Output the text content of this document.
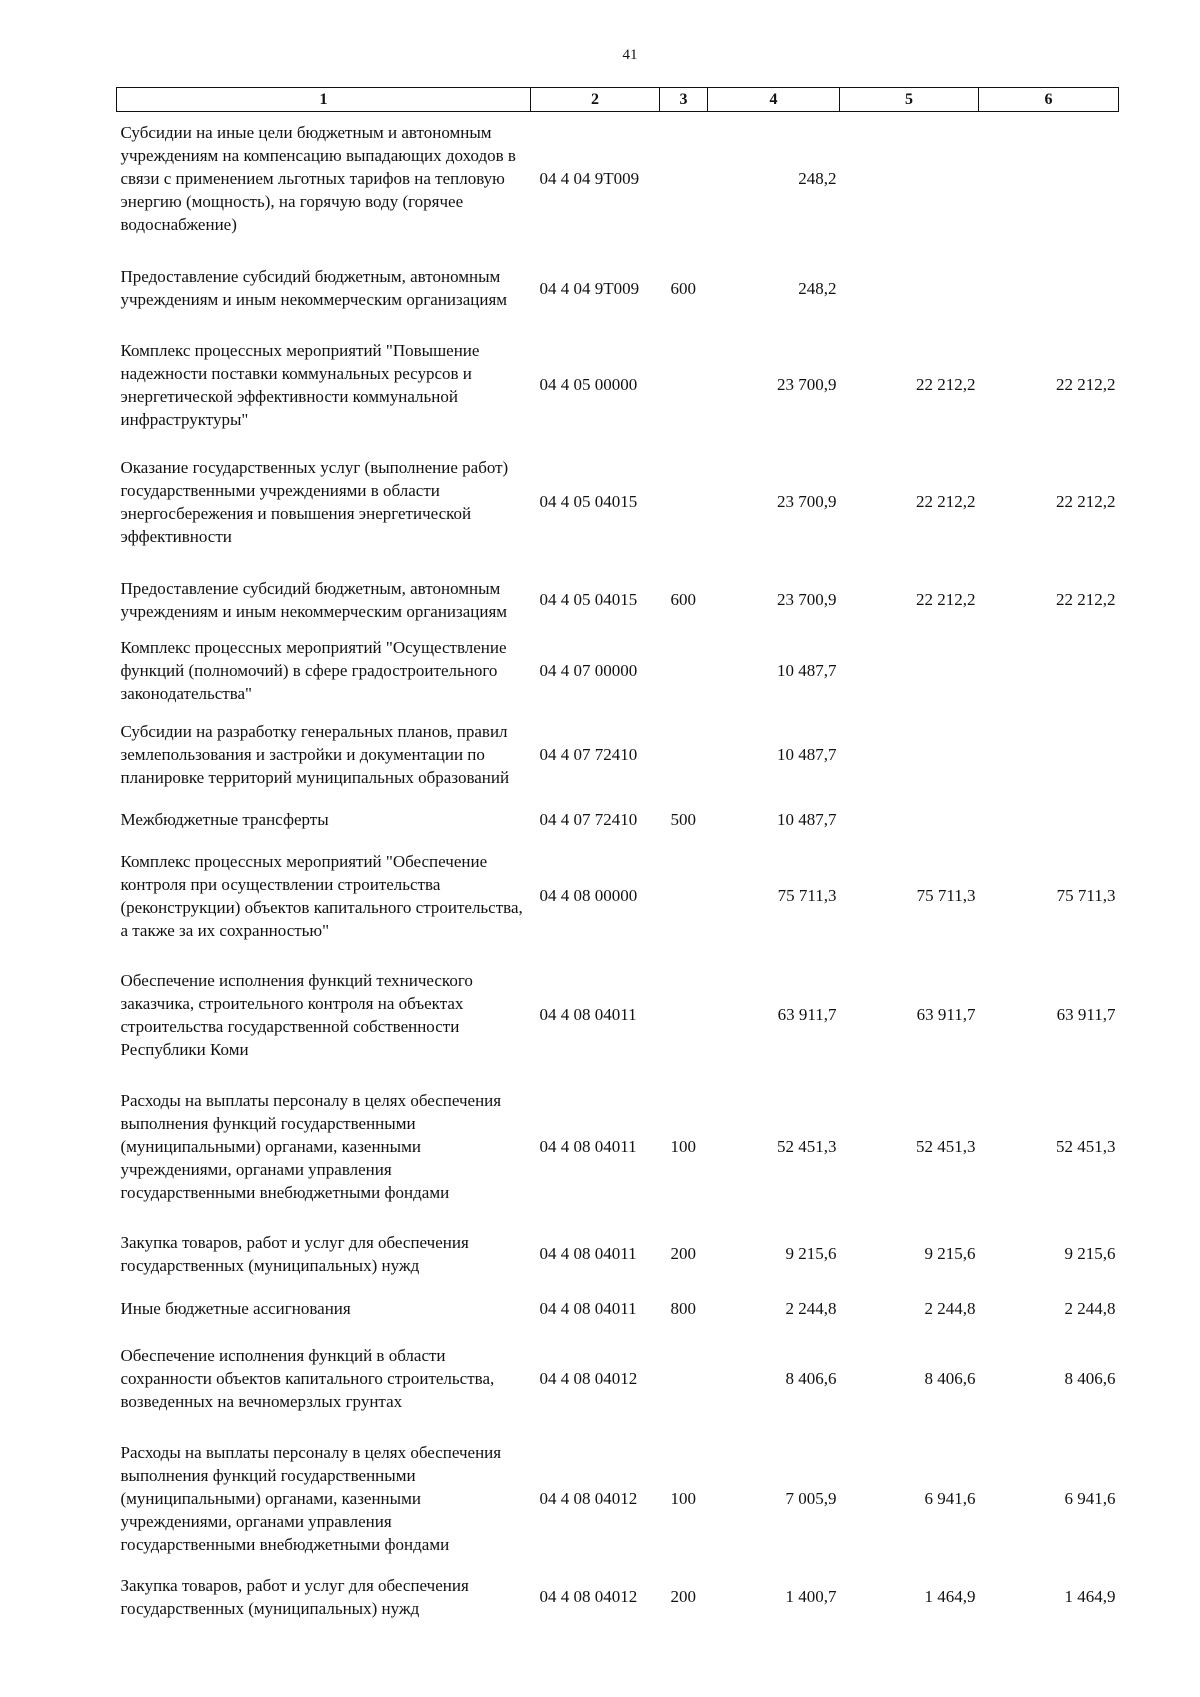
41
1	2	3	4	5	6
Субсидии на иные цели бюджетным и автономным учреждениям на компенсацию выпадающих доходов в связи с применением льготных тарифов на тепловую энергию (мощность), на горячую воду (горячее водоснабжение)	04 4 04 9Т009		248,2		
Предоставление субсидий бюджетным, автономным учреждениям и иным некоммерческим организациям	04 4 04 9Т009	600	248,2		
Комплекс процессных мероприятий "Повышение надежности поставки коммунальных ресурсов и энергетической эффективности коммунальной инфраструктуры"	04 4 05 00000		23 700,9	22 212,2	22 212,2
Оказание государственных услуг (выполнение работ) государственными учреждениями в области энергосбережения и повышения энергетической эффективности	04 4 05 04015		23 700,9	22 212,2	22 212,2
Предоставление субсидий бюджетным, автономным учреждениям и иным некоммерческим организациям	04 4 05 04015	600	23 700,9	22 212,2	22 212,2
Комплекс процессных мероприятий "Осуществление функций (полномочий) в сфере градостроительного законодательства"	04 4 07 00000		10 487,7		
Субсидии на разработку генеральных планов, правил землепользования и застройки и документации по планировке территорий муниципальных образований	04 4 07 72410		10 487,7		
Межбюджетные трансферты	04 4 07 72410	500	10 487,7		
Комплекс процессных мероприятий "Обеспечение контроля при осуществлении строительства (реконструкции) объектов капитального строительства, а также за их сохранностью"	04 4 08 00000		75 711,3	75 711,3	75 711,3
Обеспечение исполнения функций технического заказчика, строительного контроля на объектах строительства государственной собственности Республики Коми	04 4 08 04011		63 911,7	63 911,7	63 911,7
Расходы на выплаты персоналу в целях обеспечения выполнения функций государственными (муниципальными) органами, казенными учреждениями, органами управления государственными внебюджетными фондами	04 4 08 04011	100	52 451,3	52 451,3	52 451,3
Закупка товаров, работ и услуг для обеспечения государственных (муниципальных) нужд	04 4 08 04011	200	9 215,6	9 215,6	9 215,6
Иные бюджетные ассигнования	04 4 08 04011	800	2 244,8	2 244,8	2 244,8
Обеспечение исполнения функций в области сохранности объектов капитального строительства, возведенных на вечномерзлых грунтах	04 4 08 04012		8 406,6	8 406,6	8 406,6
Расходы на выплаты персоналу в целях обеспечения выполнения функций государственными (муниципальными) органами, казенными учреждениями, органами управления государственными внебюджетными фондами	04 4 08 04012	100	7 005,9	6 941,6	6 941,6
Закупка товаров, работ и услуг для обеспечения государственных (муниципальных) нужд	04 4 08 04012	200	1 400,7	1 464,9	1 464,9
